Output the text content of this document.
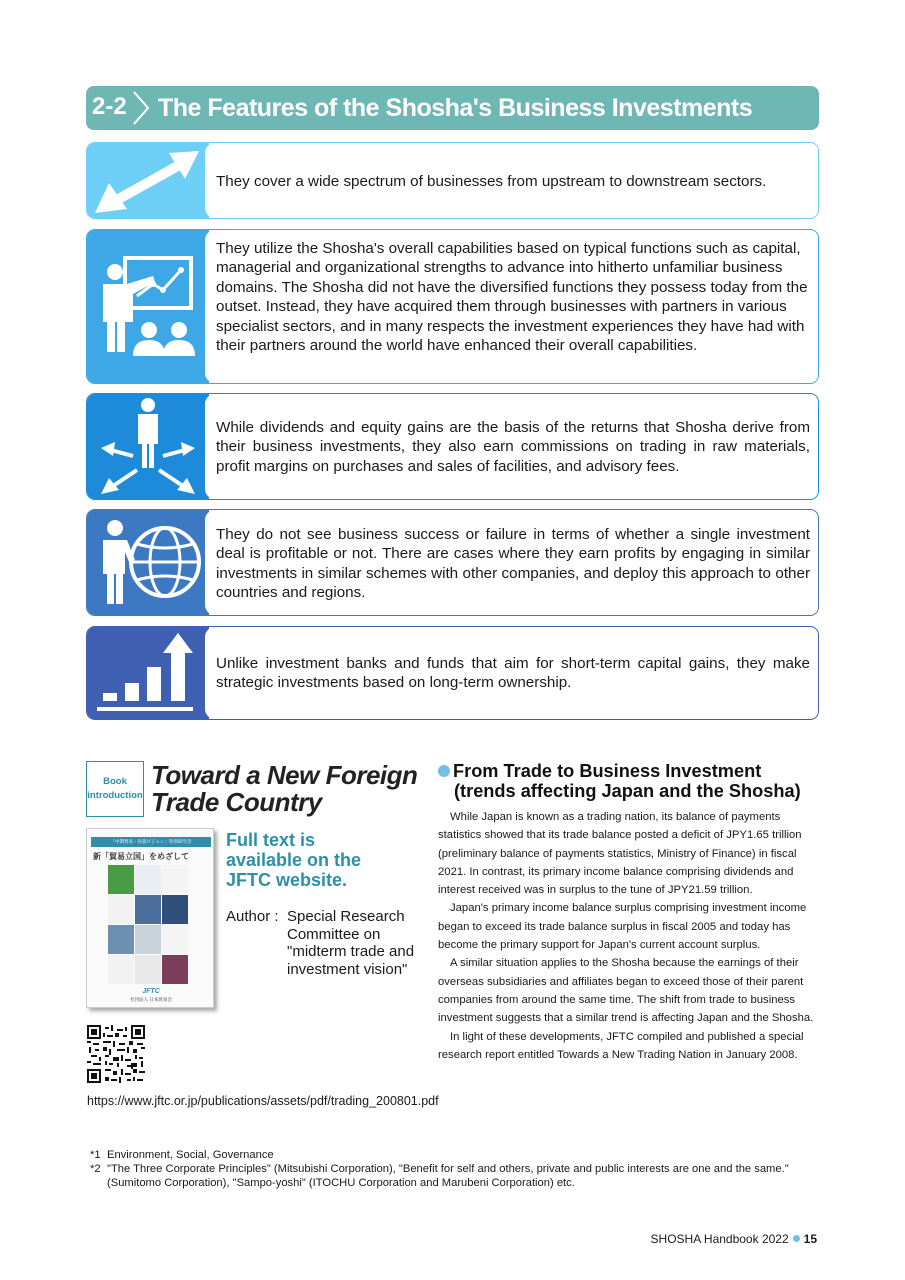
2-2 The Features of the Shosha's Business Investments
They cover a wide spectrum of businesses from upstream to downstream sectors.
They utilize the Shosha's overall capabilities based on typical functions such as capital, managerial and organizational strengths to advance into hitherto unfamiliar business domains. The Shosha did not have the diversified functions they possess today from the outset. Instead, they have acquired them through businesses with partners in various specialist sectors, and in many respects the investment experiences they have had with their partners around the world have enhanced their overall capabilities.
While dividends and equity gains are the basis of the returns that Shosha derive from their business investments, they also earn commissions on trading in raw materials, profit margins on purchases and sales of facilities, and advisory fees.
They do not see business success or failure in terms of whether a single investment deal is profitable or not. There are cases where they earn profits by engaging in similar investments in similar schemes with other companies, and deploy this approach to other countries and regions.
Unlike investment banks and funds that aim for short-term capital gains, they make strategic investments based on long-term ownership.
Book
introduction
Toward a New Foreign
Trade Country
「中期貿易・投資ビジョン」特別研究会
新「貿易立国」をめざして
JFTC
社団法人 日本貿易会
Full text is available on the JFTC website.
Author : Special Research Committee on "midterm trade and investment vision"
https://www.jftc.or.jp/publications/assets/pdf/trading_200801.pdf
From Trade to Business Investment
(trends affecting Japan and the Shosha)

While Japan is known as a trading nation, its balance of payments statistics showed that its trade balance posted a deficit of JPY1.65 trillion (preliminary balance of payments statistics, Ministry of Finance) in fiscal 2021. In contrast, its primary income balance comprising dividends and interest received was in surplus to the tune of JPY21.59 trillion.

Japan's primary income balance surplus comprising investment income began to exceed its trade balance surplus in fiscal 2005 and today has become the primary support for Japan's current account surplus.

A similar situation applies to the Shosha because the earnings of their overseas subsidiaries and affiliates began to exceed those of their parent companies from around the same time. The shift from trade to business investment suggests that a similar trend is affecting Japan and the Shosha.

In light of these developments, JFTC compiled and published a special research report entitled Towards a New Trading Nation in January 2008.

*1 Environment, Social, Governance
*2 "The Three Corporate Principles" (Mitsubishi Corporation), "Benefit for self and others, private and public interests are one and the same." (Sumitomo Corporation), "Sampo-yoshi" (ITOCHU Corporation and Marubeni Corporation) etc.
SHOSHA Handbook 2022 15
